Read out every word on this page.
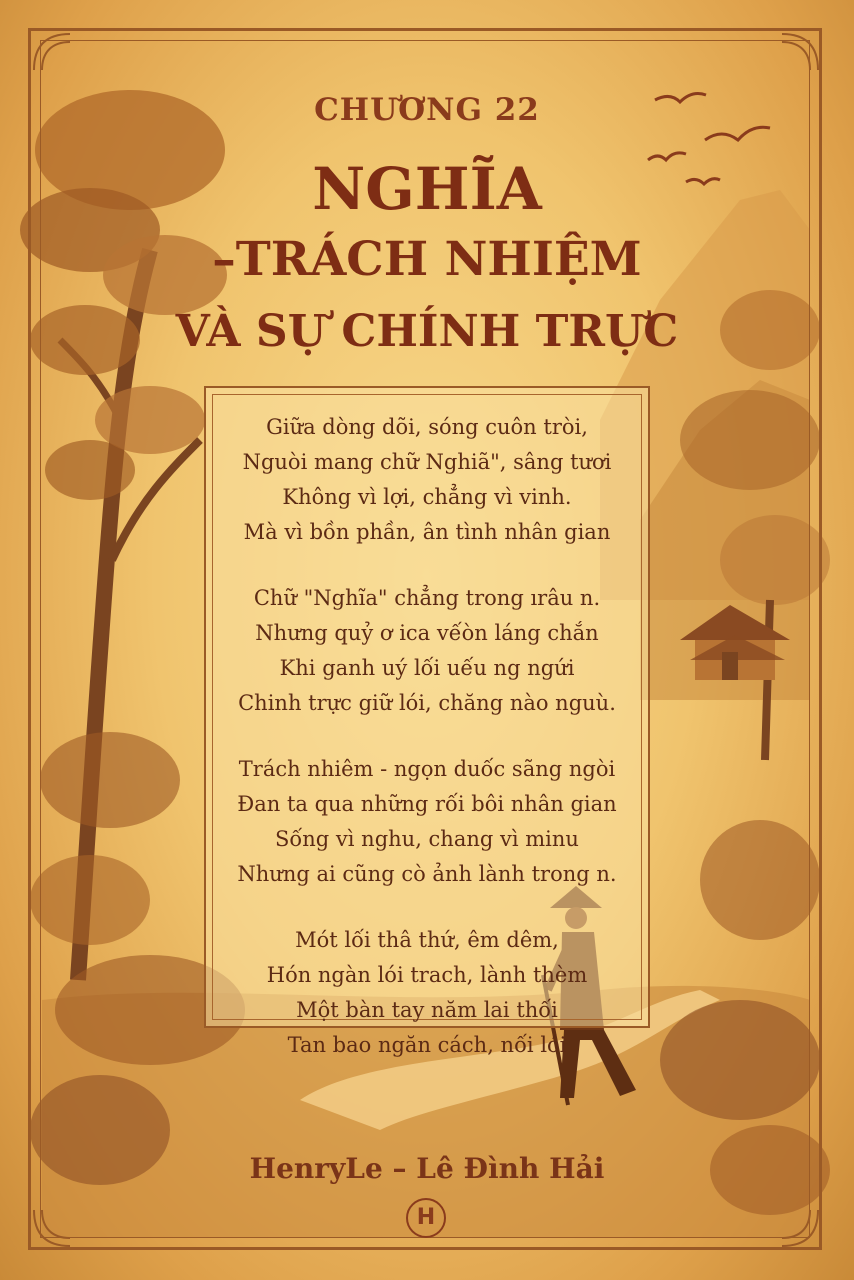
CHƯƠNG 22
NGHĨA
–TRÁCH NHIỆM
VÀ SỰ CHÍNH TRỰC
Giữa dòng dõi, sóng cuôn tròi,
Nguòi mang chữ Nghiã", sâng tươi
Không vì lợi, chẳng vì vinh.
Mà vì bồn phần, ân tình nhân gian
Chữ "Nghĩa" chẳng trong ırâu n.
Nhưng quỷ ơ ica vếòn láng chắn
Khi ganh uý lối uếu ng ngứi
Chinh trực giữ lói, chăng nào nguù.
Trách nhiêm - ngọn duốc sãng ngòi
Đan ta qua những rối bôi nhân gian
Sống vì nghu, chang vì minu
Nhưng ai cũng cò ảnh lành trong n.
Mót lối thâ thứ, êm dêm,
Hón ngàn lói trach, lành thèm
Một bàn tay năm lai thối
Tan bao ngăn cách, nối lói
HenryLe – Lê Đình Hải
H
